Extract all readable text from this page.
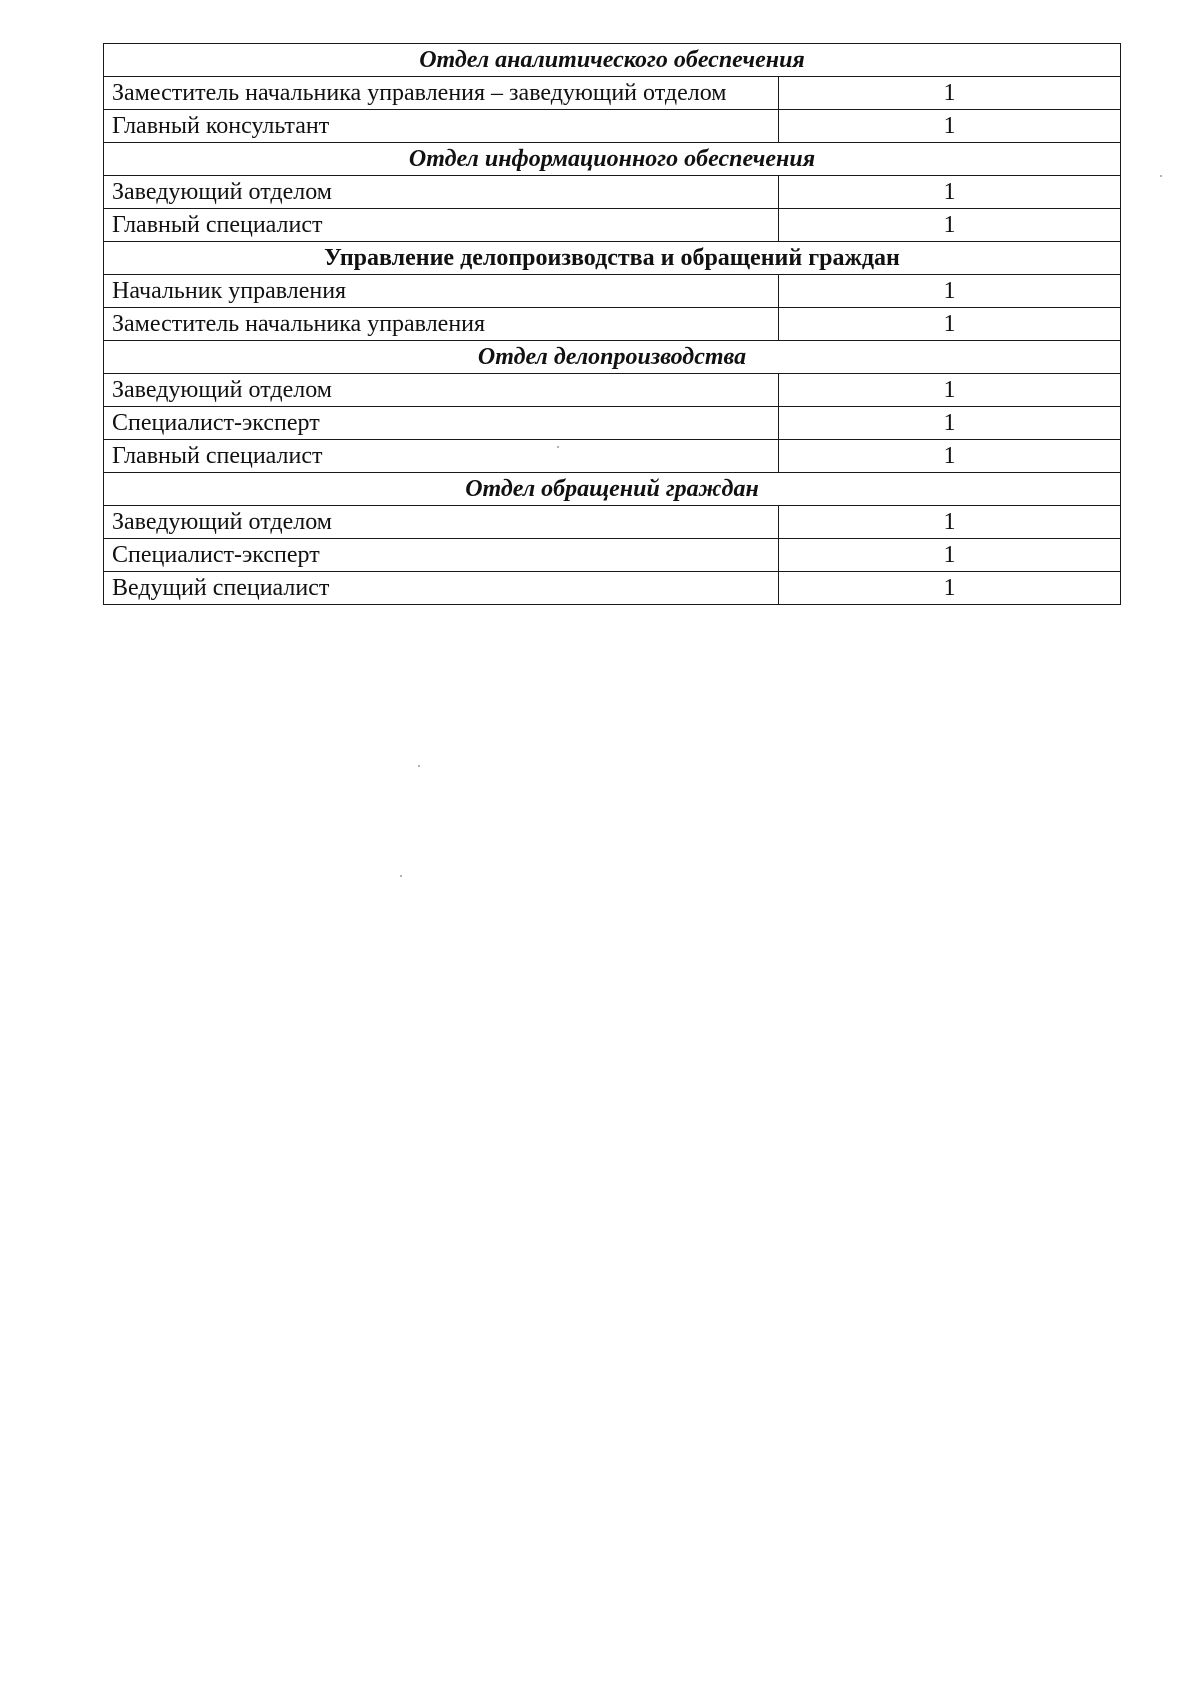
Отдел аналитического обеспечения	
Заместитель начальника управления – заведующий отделом	1
Главный консультант	1
Отдел информационного обеспечения	
Заведующий отделом	1
Главный специалист	1
Управление делопроизводства и обращений граждан	
Начальник управления	1
Заместитель начальника управления	1
Отдел делопроизводства	
Заведующий отделом	1
Специалист-эксперт	1
Главный специалист	1
Отдел обращений граждан	
Заведующий отделом	1
Специалист-эксперт	1
Ведущий специалист	1
